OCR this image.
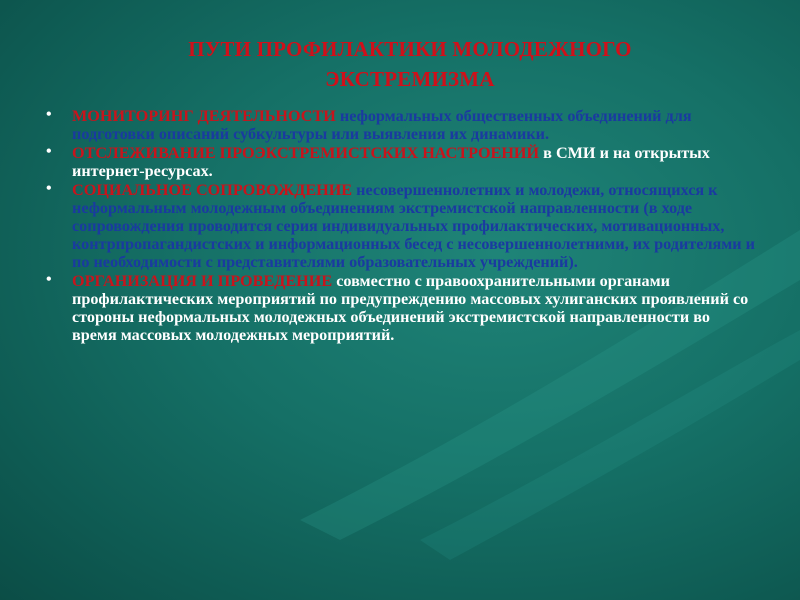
ПУТИ ПРОФИЛАКТИКИ МОЛОДЕЖНОГО
ЭКСТРЕМИЗМА
• МОНИТОРИНГ ДЕЯТЕЛЬНОСТИ неформальных общественных объединений для подготовки описаний субкультуры или выявления их динамики.
• ОТСЛЕЖИВАНИЕ ПРОЭКСТРЕМИСТСКИХ НАСТРОЕНИЙ в СМИ и на открытых интернет-ресурсах.
• СОЦИАЛЬНОЕ СОПРОВОЖДЕНИЕ несовершеннолетних и молодежи, относящихся к неформальным молодежным объединениям экстремистской направленности (в ходе сопровождения проводится серия индивидуальных профилактических, мотивационных, контрпропагандистских и информационных бесед с несовершеннолетними, их родителями и по необходимости с представителями образовательных учреждений).
• ОРГАНИЗАЦИЯ И ПРОВЕДЕНИЕ совместно с правоохранительными органами профилактических мероприятий по предупреждению массовых хулиганских проявлений со стороны неформальных молодежных объединений экстремистской направленности во время массовых молодежных мероприятий.
